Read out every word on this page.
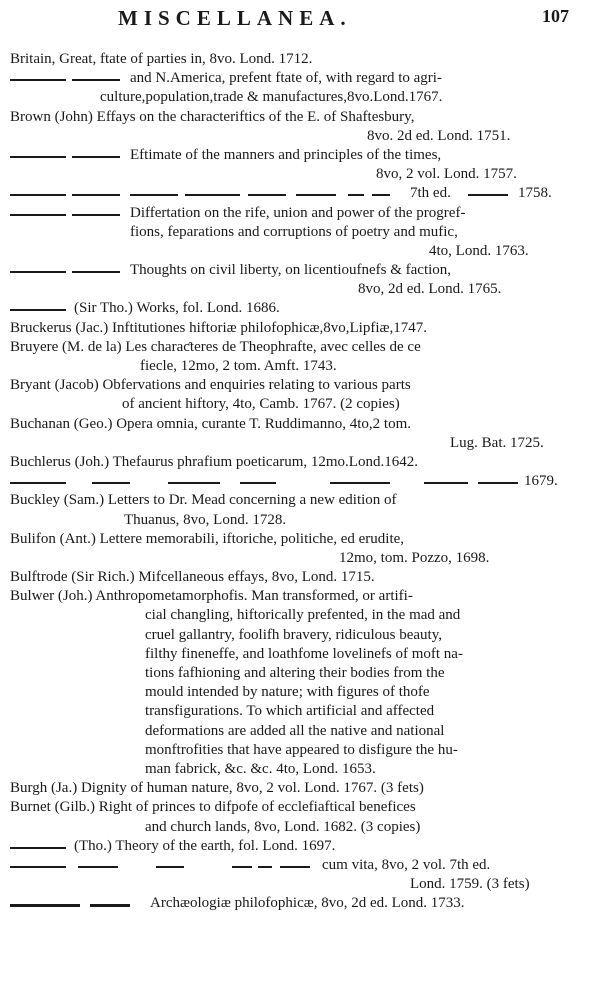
MISCELLANEA.	107
Britain, Great, ftate of parties in, 8vo. Lond. 1712.
and N.America, prefent ftate of, with regard to agri-
culture,population,trade & manufactures,8vo.Lond.1767.
Brown (John) Effays on the characteriftics of the E. of Shaftesbury,
8vo. 2d ed. Lond. 1751.
Eftimate of the manners and principles of the times,
8vo, 2 vol. Lond. 1757.
7th ed.	1758.
Differtation on the rife, union and power of the progref-
fions, feparations and corruptions of poetry and mufic,
4to, Lond. 1763.
Thoughts on civil liberty, on licentioufnefs & faction,
8vo, 2d ed. Lond. 1765.
(Sir Tho.) Works, fol. Lond. 1686.
Bruckerus (Jac.) Inftitutiones hiftoriæ philofophicæ,8vo,Lipfiæ,1747.
Bruyere (M. de la) Les charaƈteres de Theophrafte, avec celles de ce
fiecle, 12mo, 2 tom. Amft. 1743.
Bryant (Jacob) Obfervations and enquiries relating to various parts
of ancient hiftory, 4to, Camb. 1767. (2 copies)
Buchanan (Geo.) Opera omnia, curante T. Ruddimanno, 4to,2 tom.
Lug. Bat. 1725.
Buchlerus (Joh.) Thefaurus phrafium poeticarum, 12mo.Lond.1642.
1679.
Buckley (Sam.) Letters to Dr. Mead concerning a new edition of
Thuanus, 8vo, Lond. 1728.
Bulifon (Ant.) Lettere memorabili, iftoriche, politiche, ed erudite,
12mo, tom. Pozzo, 1698.
Bulftrode (Sir Rich.) Mifcellaneous effays, 8vo, Lond. 1715.
Bulwer (Joh.) Anthropometamorphofis. Man transformed, or artifi-
cial changling, hiftorically prefented, in the mad and
cruel gallantry, foolifh bravery, ridiculous beauty,
filthy fineneffe, and loathfome lovelinefs of moft na-
tions fafhioning and altering their bodies from the
mould intended by nature; with figures of thofe
transfigurations. To which artificial and affected
deformations are added all the native and national
monftrofities that have appeared to disfigure the hu-
man fabrick, &c. &c. 4to, Lond. 1653.
Burgh (Ja.) Dignity of human nature, 8vo, 2 vol. Lond. 1767. (3 fets)
Burnet (Gilb.) Right of princes to difpofe of ecclefiaftical benefices
and church lands, 8vo, Lond. 1682. (3 copies)
(Tho.) Theory of the earth, fol. Lond. 1697.
cum vita, 8vo, 2 vol. 7th ed.
Lond. 1759. (3 fets)
Archæologiæ philofophicæ, 8vo, 2d ed. Lond. 1733.
